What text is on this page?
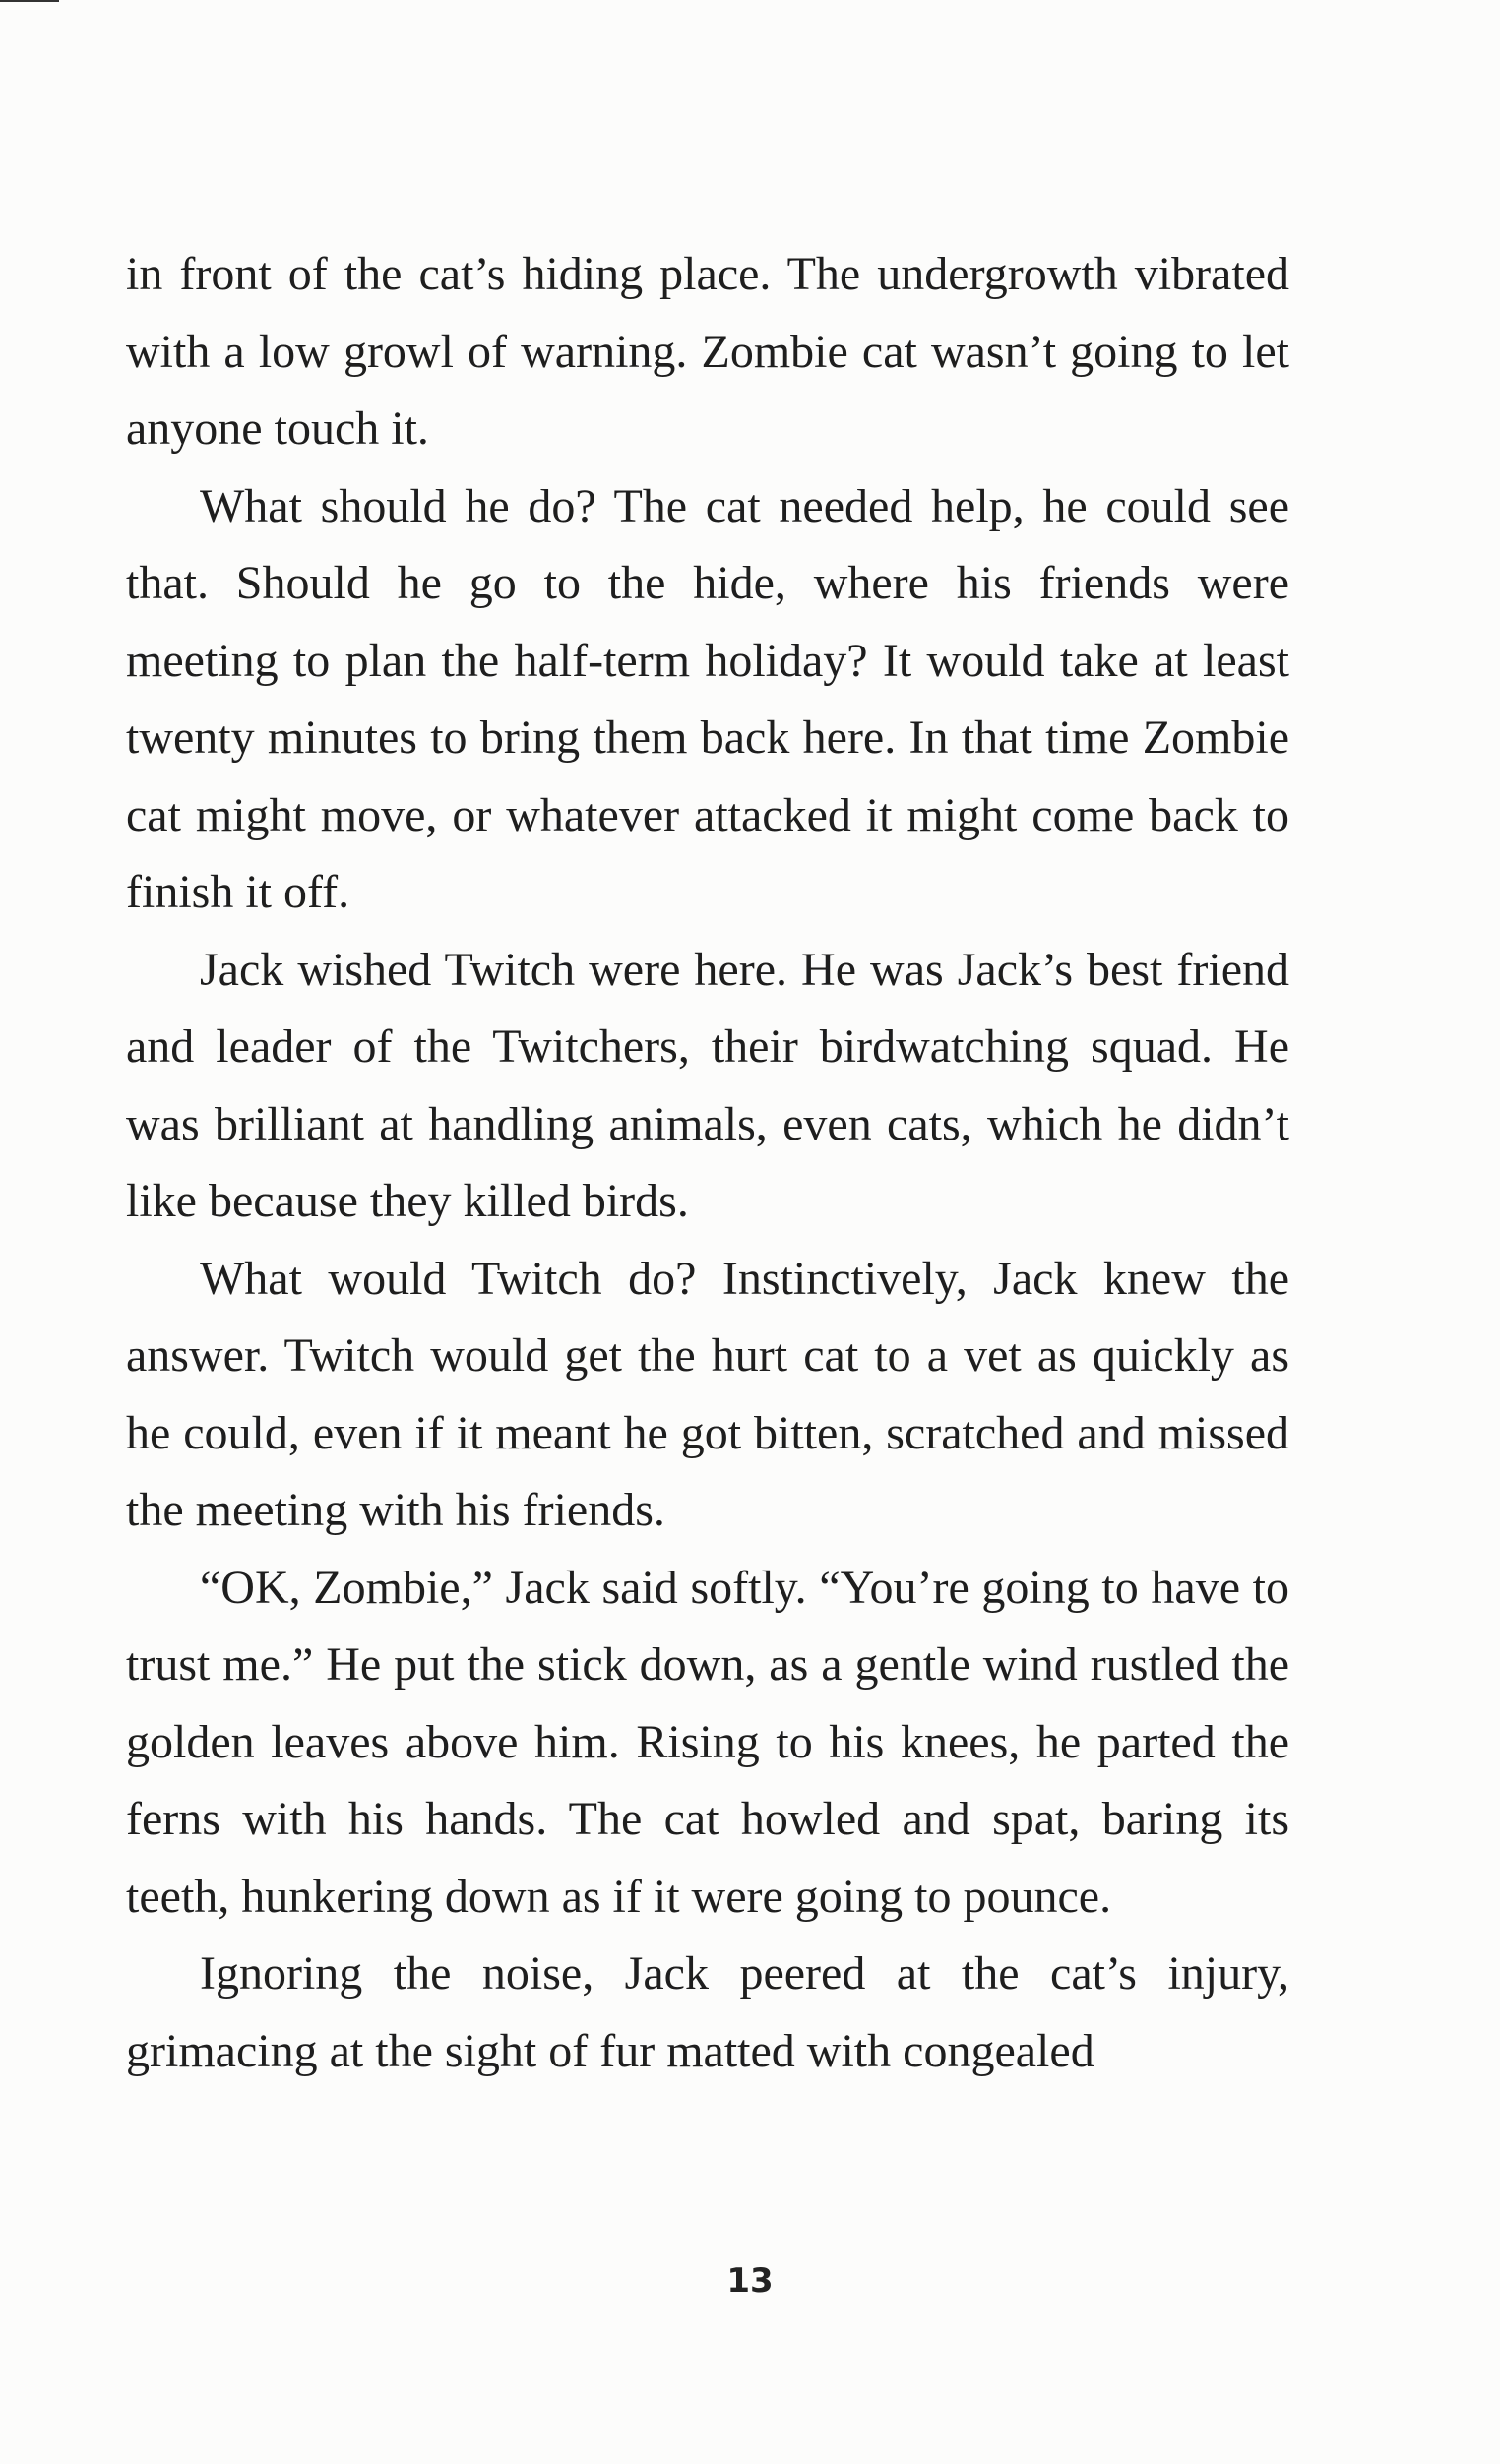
in front of the cat’s hiding place. The undergrowth vibrated with a low growl of warning. Zombie cat wasn’t going to let anyone touch it.

What should he do? The cat needed help, he could see that. Should he go to the hide, where his friends were meeting to plan the half-term holiday? It would take at least twenty minutes to bring them back here. In that time Zombie cat might move, or whatever attacked it might come back to finish it off.

Jack wished Twitch were here. He was Jack’s best friend and leader of the Twitchers, their birdwatching squad. He was brilliant at handling animals, even cats, which he didn’t like because they killed birds.

What would Twitch do? Instinctively, Jack knew the answer. Twitch would get the hurt cat to a vet as quickly as he could, even if it meant he got bitten, scratched and missed the meeting with his friends.

“OK, Zombie,” Jack said softly. “You’re going to have to trust me.” He put the stick down, as a gentle wind rustled the golden leaves above him. Rising to his knees, he parted the ferns with his hands. The cat howled and spat, baring its teeth, hunkering down as if it were going to pounce.

Ignoring the noise, Jack peered at the cat’s injury, grimacing at the sight of fur matted with congealed

13
